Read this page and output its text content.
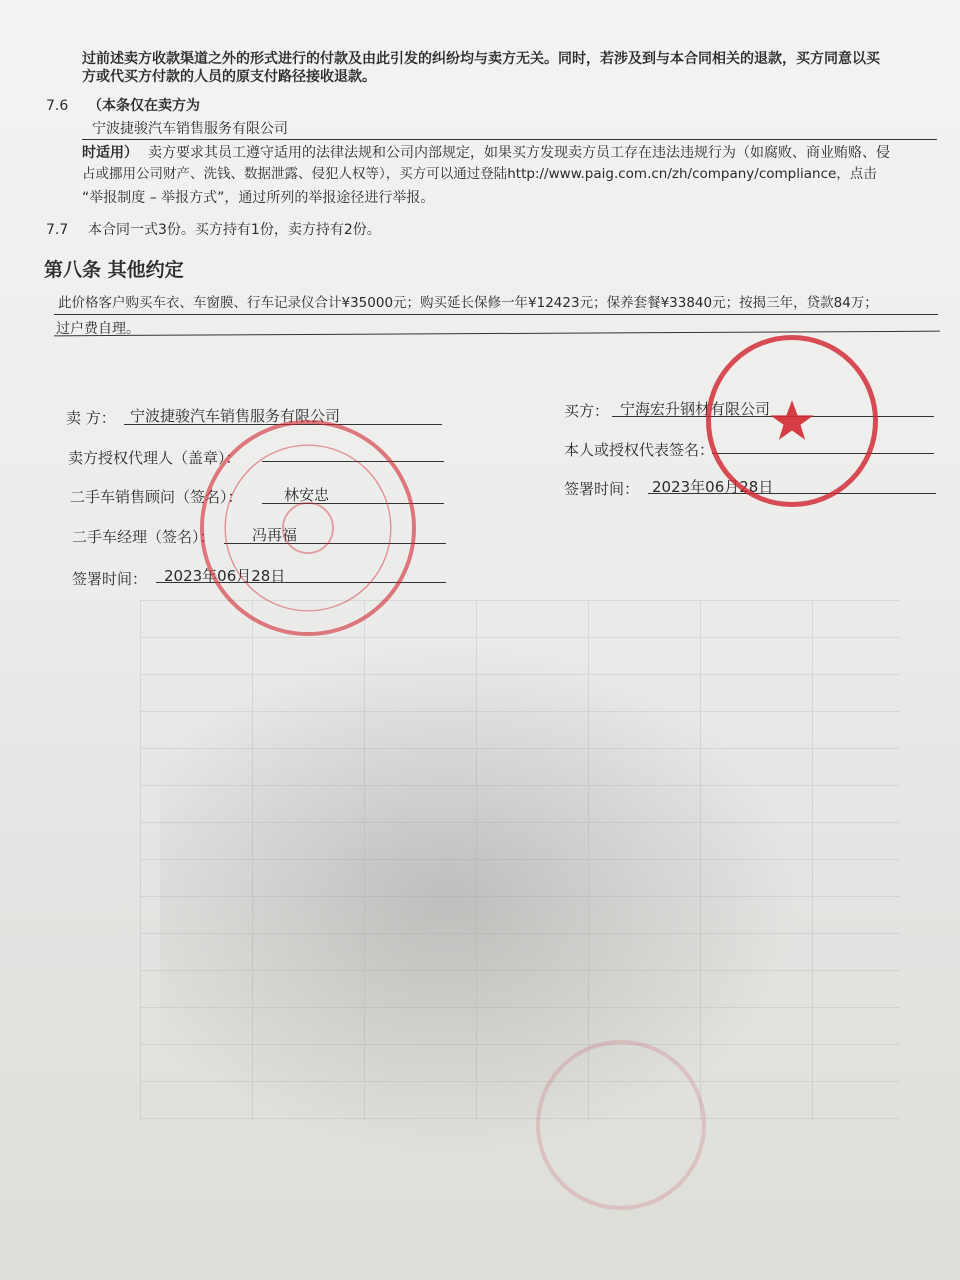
过前述卖方收款渠道之外的形式进行的付款及由此引发的纠纷均与卖方无关。同时，若涉及到与本合同相关的退款，买方同意以买
方或代买方付款的人员的原支付路径接收退款。
7.6 （本条仅在卖方为
宁波捷骏汽车销售服务有限公司
时适用） 卖方要求其员工遵守适用的法律法规和公司内部规定，如果买方发现卖方员工存在违法违规行为（如腐败、商业贿赂、侵
占或挪用公司财产、洗钱、数据泄露、侵犯人权等），买方可以通过登陆http://www.paig.com.cn/zh/company/compliance，点击
“举报制度 – 举报方式”，通过所列的举报途径进行举报。
7.7 本合同一式3份。买方持有1份，卖方持有2份。
第八条 其他约定
此价格客户购买车衣、车窗膜、行车记录仪合计¥35000元；购买延长保修一年¥12423元；保养套餐¥33840元；按揭三年，贷款84万；
过户费自理。
卖 方： 宁波捷骏汽车销售服务有限公司
卖方授权代理人（盖章）：
二手车销售顾问（签名）：	林安忠
二手车经理（签名）： 冯再福
签署时间： 2023年06月28日
买方： 宁海宏升钢材有限公司
本人或授权代表签名：
签署时间： 2023年06月28日
